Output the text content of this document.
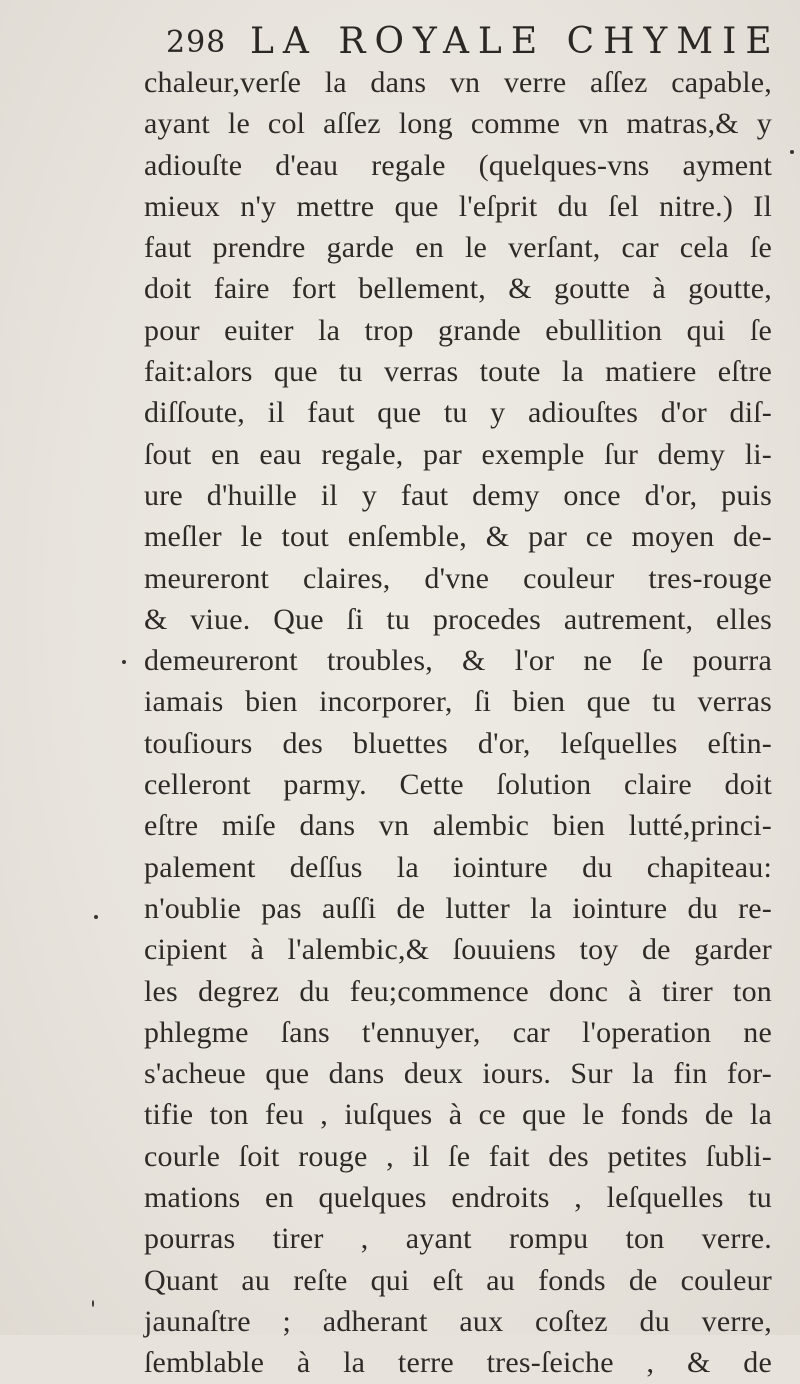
298 LA ROYALE CHYMIE
chaleur,verſe la dans vn verre aſſez capable,
ayant le col aſſez long comme vn matras,& y
adiouſte d'eau regale (quelques-vns ayment
mieux n'y mettre que l'eſprit du ſel nitre.) Il
faut prendre garde en le verſant, car cela ſe
doit faire fort bellement, & goutte à goutte,
pour euiter la trop grande ebullition qui ſe
fait:alors que tu verras toute la matiere eſtre
diſſoute, il faut que tu y adiouſtes d'or diſ-
ſout en eau regale, par exemple ſur demy li-
ure d'huille il y faut demy once d'or, puis
meſler le tout enſemble, & par ce moyen de-
meureront claires, d'vne couleur tres-rouge
& viue. Que ſi tu procedes autrement, elles
demeureront troubles, & l'or ne ſe pourra
iamais bien incorporer, ſi bien que tu verras
touſiours des bluettes d'or, leſquelles eſtin-
celleront parmy. Cette ſolution claire doit
eſtre miſe dans vn alembic bien lutté,princi-
palement deſſus la iointure du chapiteau:
n'oublie pas auſſi de lutter la iointure du re-
cipient à l'alembic,& ſouuiens toy de garder
les degrez du feu;commence donc à tirer ton
phlegme ſans t'ennuyer, car l'operation ne
s'acheue que dans deux iours. Sur la fin for-
tifie ton feu , iuſques à ce que le fonds de la
courle ſoit rouge , il ſe fait des petites ſubli-
mations en quelques endroits , leſquelles tu
pourras tirer , ayant rompu ton verre.
Quant au reſte qui eſt au fonds de couleur
jaunaſtre ; adherant aux coſtez du verre,
ſemblable à la terre tres-ſeiche , & de
